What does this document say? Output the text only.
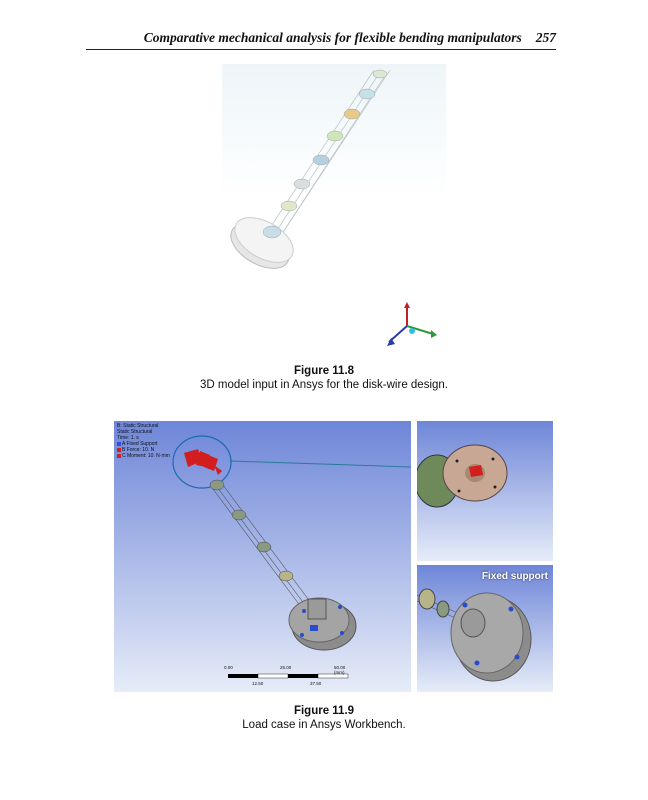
Comparative mechanical analysis for flexible bending manipulators 257
Figure 11.8
3D model input in Ansys for the disk-wire design.
B: Static Structural
Static Structural
Time: 1. s
A Fixed Support
B Force: 10. N
C Moment: 10. N·mm
0.00	25.00	50.00 (mm)
12.50	37.50
Fixed support
Figure 11.9
Load case in Ansys Workbench.
